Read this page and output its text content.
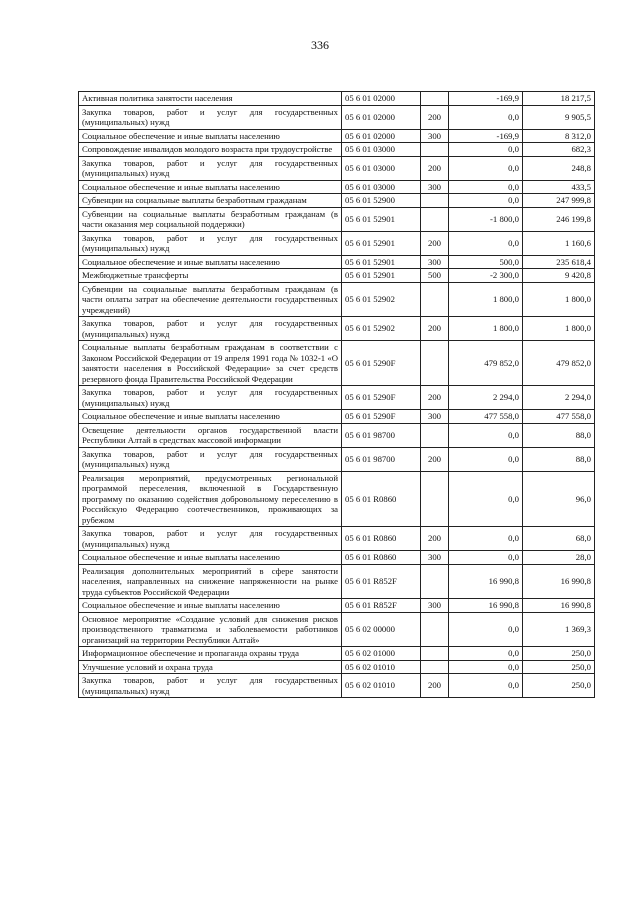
336
Активная политика занятости населения	05 6 01 02000		-169,9	18 217,5
Закупка товаров, работ и услуг для государственных (муниципальных) нужд	05 6 01 02000	200	0,0	9 905,5
Социальное обеспечение и иные выплаты населению	05 6 01 02000	300	-169,9	8 312,0
Сопровождение инвалидов молодого возраста при трудоустройстве	05 6 01 03000		0,0	682,3
Закупка товаров, работ и услуг для государственных (муниципальных) нужд	05 6 01 03000	200	0,0	248,8
Социальное обеспечение и иные выплаты населению	05 6 01 03000	300	0,0	433,5
Субвенции на социальные выплаты безработным гражданам	05 6 01 52900		0,0	247 999,8
Субвенции на социальные выплаты безработным гражданам (в части оказания мер социальной поддержки)	05 6 01 52901		-1 800,0	246 199,8
Закупка товаров, работ и услуг для государственных (муниципальных) нужд	05 6 01 52901	200	0,0	1 160,6
Социальное обеспечение и иные выплаты населению	05 6 01 52901	300	500,0	235 618,4
Межбюджетные трансферты	05 6 01 52901	500	-2 300,0	9 420,8
Субвенции на социальные выплаты безработным гражданам (в части оплаты затрат на обеспечение деятельности государственных учреждений)	05 6 01 52902		1 800,0	1 800,0
Закупка товаров, работ и услуг для государственных (муниципальных) нужд	05 6 01 52902	200	1 800,0	1 800,0
Социальные выплаты безработным гражданам в соответствии с Законом Российской Федерации от 19 апреля 1991 года № 1032-1 «О занятости населения в Российской Федерации» за счет средств резервного фонда Правительства Российской Федерации	05 6 01 5290F		479 852,0	479 852,0
Закупка товаров, работ и услуг для государственных (муниципальных) нужд	05 6 01 5290F	200	2 294,0	2 294,0
Социальное обеспечение и иные выплаты населению	05 6 01 5290F	300	477 558,0	477 558,0
Освещение деятельности органов государственной власти Республики Алтай в средствах массовой информации	05 6 01 98700		0,0	88,0
Закупка товаров, работ и услуг для государственных (муниципальных) нужд	05 6 01 98700	200	0,0	88,0
Реализация мероприятий, предусмотренных региональной программой переселения, включенной в Государственную программу по оказанию содействия добровольному переселению в Российскую Федерацию соотечественников, проживающих за рубежом	05 6 01 R0860		0,0	96,0
Закупка товаров, работ и услуг для государственных (муниципальных) нужд	05 6 01 R0860	200	0,0	68,0
Социальное обеспечение и иные выплаты населению	05 6 01 R0860	300	0,0	28,0
Реализация дополнительных мероприятий в сфере занятости населения, направленных на снижение напряженности на рынке труда субъектов Российской Федерации	05 6 01 R852F		16 990,8	16 990,8
Социальное обеспечение и иные выплаты населению	05 6 01 R852F	300	16 990,8	16 990,8
Основное мероприятие «Создание условий для снижения рисков производственного травматизма и заболеваемости работников организаций на территории Республики Алтай»	05 6 02 00000		0,0	1 369,3
Информационное обеспечение и пропаганда охраны труда	05 6 02 01000		0,0	250,0
Улучшение условий и охрана труда	05 6 02 01010		0,0	250,0
Закупка товаров, работ и услуг для государственных (муниципальных) нужд	05 6 02 01010	200	0,0	250,0
